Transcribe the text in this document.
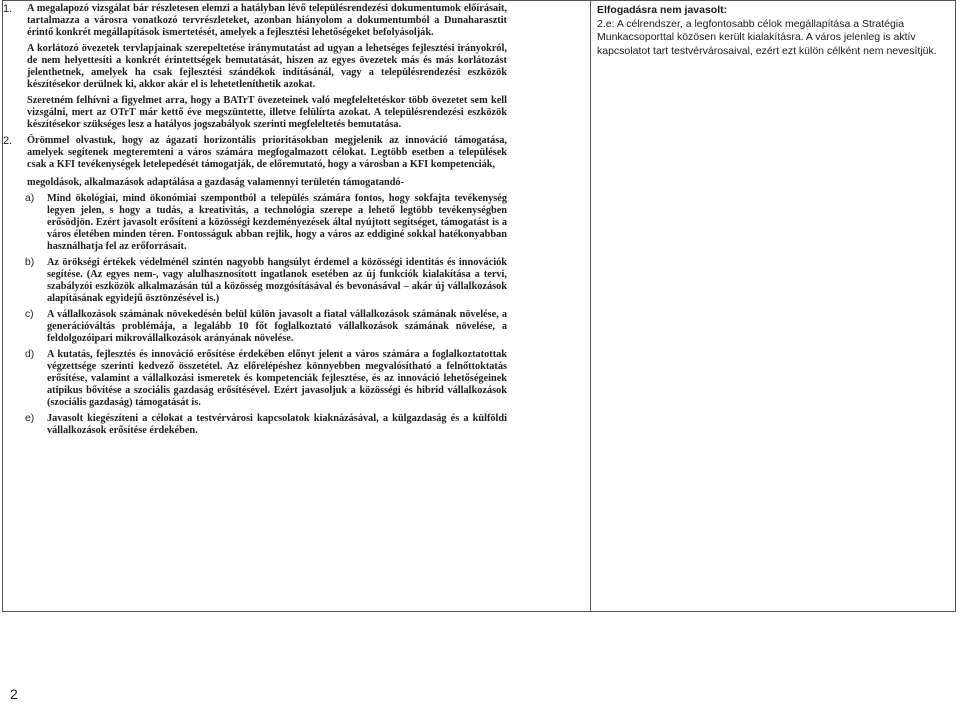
1. A megalapozó vizsgálat bár részletesen elemzi a hatályban lévő településrendezési dokumentumok előírásait, tartalmazza a városra vonatkozó tervrészleteket, azonban hiányolom a dokumentumból a Dunaharasztit érintő konkrét megállapítások ismertetését, amelyek a fejlesztési lehetőségeket befolyásolják.
A korlátozó övezetek tervlapjainak szerepeltetése iránymutatást ad ugyan a lehetséges fejlesztési irányokról, de nem helyettesíti a konkrét érintettségek bemutatását, hiszen az egyes övezetek más és más korlátozást jelenthetnek, amelyek ha csak fejlesztési szándékok indításánál, vagy a településrendezési eszközök készítésekor derülnek ki, akkor akár el is lehetetleníthetik azokat.
Szeretném felhívni a figyelmet arra, hogy a BATrT övezeteinek való megfeleltetéskor több övezetet sem kell vizsgálni, mert az OTrT már kettő éve megszüntette, illetve felülírta azokat. A településrendezési eszközök készítésekor szükséges lesz a hatályos jogszabályok szerinti megfeleltetés bemutatása.
2. Örömmel olvastuk, hogy az ágazati horizontális prioritásokban megjelenik az innováció támogatása, amelyek segítenek megteremteni a város számára megfogalmazott célokat. Legtöbb esetben a települések csak a KFI tevékenységek letelepedését támogatják, de előremutató, hogy a városban a KFI kompetenciák,
megoldások, alkalmazások adaptálása a gazdaság valamennyi területén támogatandó-
a) Mind ökológiai, mind ökonómiai szempontból a település számára fontos, hogy sokfajta tevékenység legyen jelen, s hogy a tudás, a kreativitás, a technológia szerepe a lehető legtöbb tevékenységben erősödjön. Ezért javasolt erősíteni a közösségi kezdeményezések által nyújtott segítséget, támogatást is a város életében minden téren. Fontosságuk abban rejlik, hogy a város az eddiginé sokkal hatékonyabban használhatja fel az erőforrásait.
b) Az örökségi értékek védelménél szintén nagyobb hangsúlyt érdemel a közösségi identitás és innovációk segítése. (Az egyes nem-, vagy alulhasznosított ingatlanok esetében az új funkciók kialakítása a tervi, szabályzói eszközök alkalmazásán túl a közösség mozgósításával és bevonásával – akár új vállalkozások alapításának egyidejű ösztönzésével is.)
c) A vállalkozások számának növekedésén belül külön javasolt a fiatal vállalkozások számának növelése, a generációváltás problémája, a legalább 10 főt foglalkoztató vállalkozások számának növelése, a feldolgozóipari mikrovállalkozások arányának növelése.
d) A kutatás, fejlesztés és innováció erősítése érdekében előnyt jelent a város számára a foglalkoztatottak végzettsége szerinti kedvező összetétel. Az előrelépéshez könnyebben megvalósítható a felnőttoktatás erősítése, valamint a vállalkozási ismeretek és kompetenciák fejlesztése, és az innováció lehetőségeinek atipikus bővítése a szociális gazdaság erősítésével. Ezért javasoljuk a közösségi és hibrid vállalkozások (szociális gazdaság) támogatását is.
e) Javasolt kiegészíteni a célokat a testvérvárosi kapcsolatok kiaknázásával, a külgazdaság és a külföldi vállalkozások erősítése érdekében.
Elfogadásra nem javasolt:
2.e: A célrendszer, a legfontosabb célok megállapítása a Stratégia Munkacsoporttal közösen került kialakításra. A város jelenleg is aktív kapcsolatot tart testvérvárosaival, ezért ezt külön célként nem nevesítjük.
2
